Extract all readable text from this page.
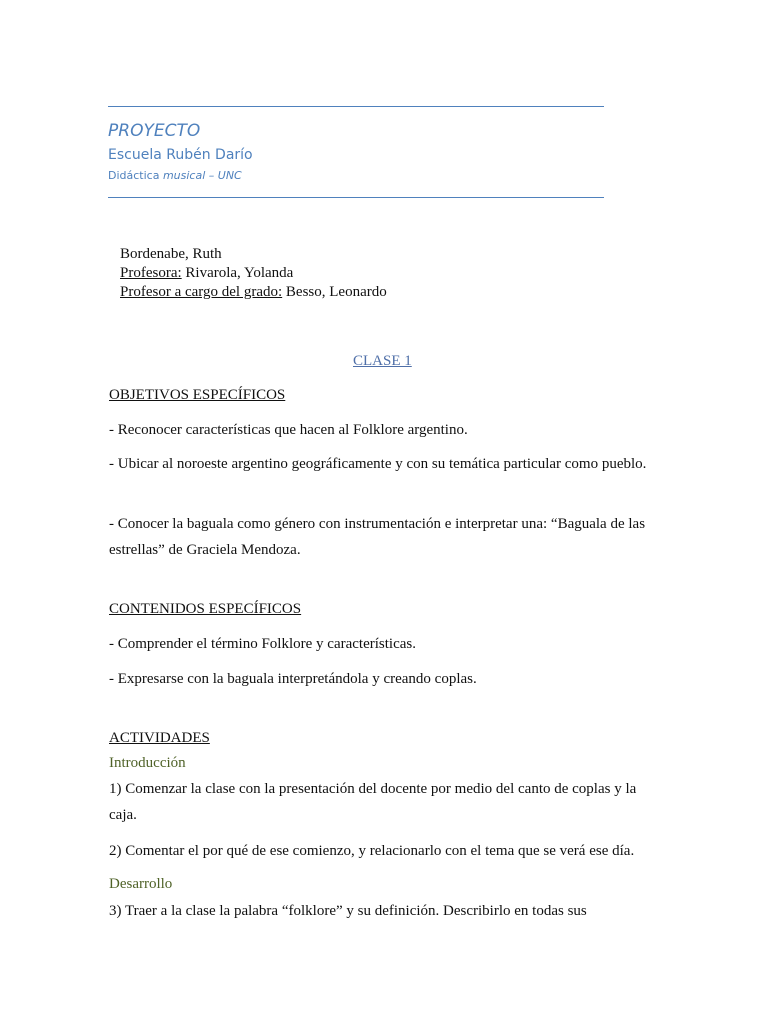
PROYECTO
Escuela Rubén Darío
Didáctica musical – UNC
Bordenabe, Ruth
Profesora: Rivarola, Yolanda
Profesor a cargo del grado: Besso, Leonardo
CLASE 1
OBJETIVOS ESPECÍFICOS
- Reconocer características que hacen al Folklore argentino.
- Ubicar al noroeste argentino geográficamente y con su temática particular como pueblo.
- Conocer la baguala como género con instrumentación e interpretar una: “Baguala de las estrellas” de Graciela Mendoza.
CONTENIDOS ESPECÍFICOS
- Comprender el término Folklore y características.
- Expresarse con la baguala interpretándola y creando coplas.
ACTIVIDADES
Introducción
1) Comenzar la clase con la presentación del docente por medio del canto de coplas y la caja.
2) Comentar el por qué de ese comienzo, y relacionarlo con el tema que se verá ese día.
Desarrollo
3) Traer a la clase la palabra “folklore” y su definición. Describirlo en todas sus
